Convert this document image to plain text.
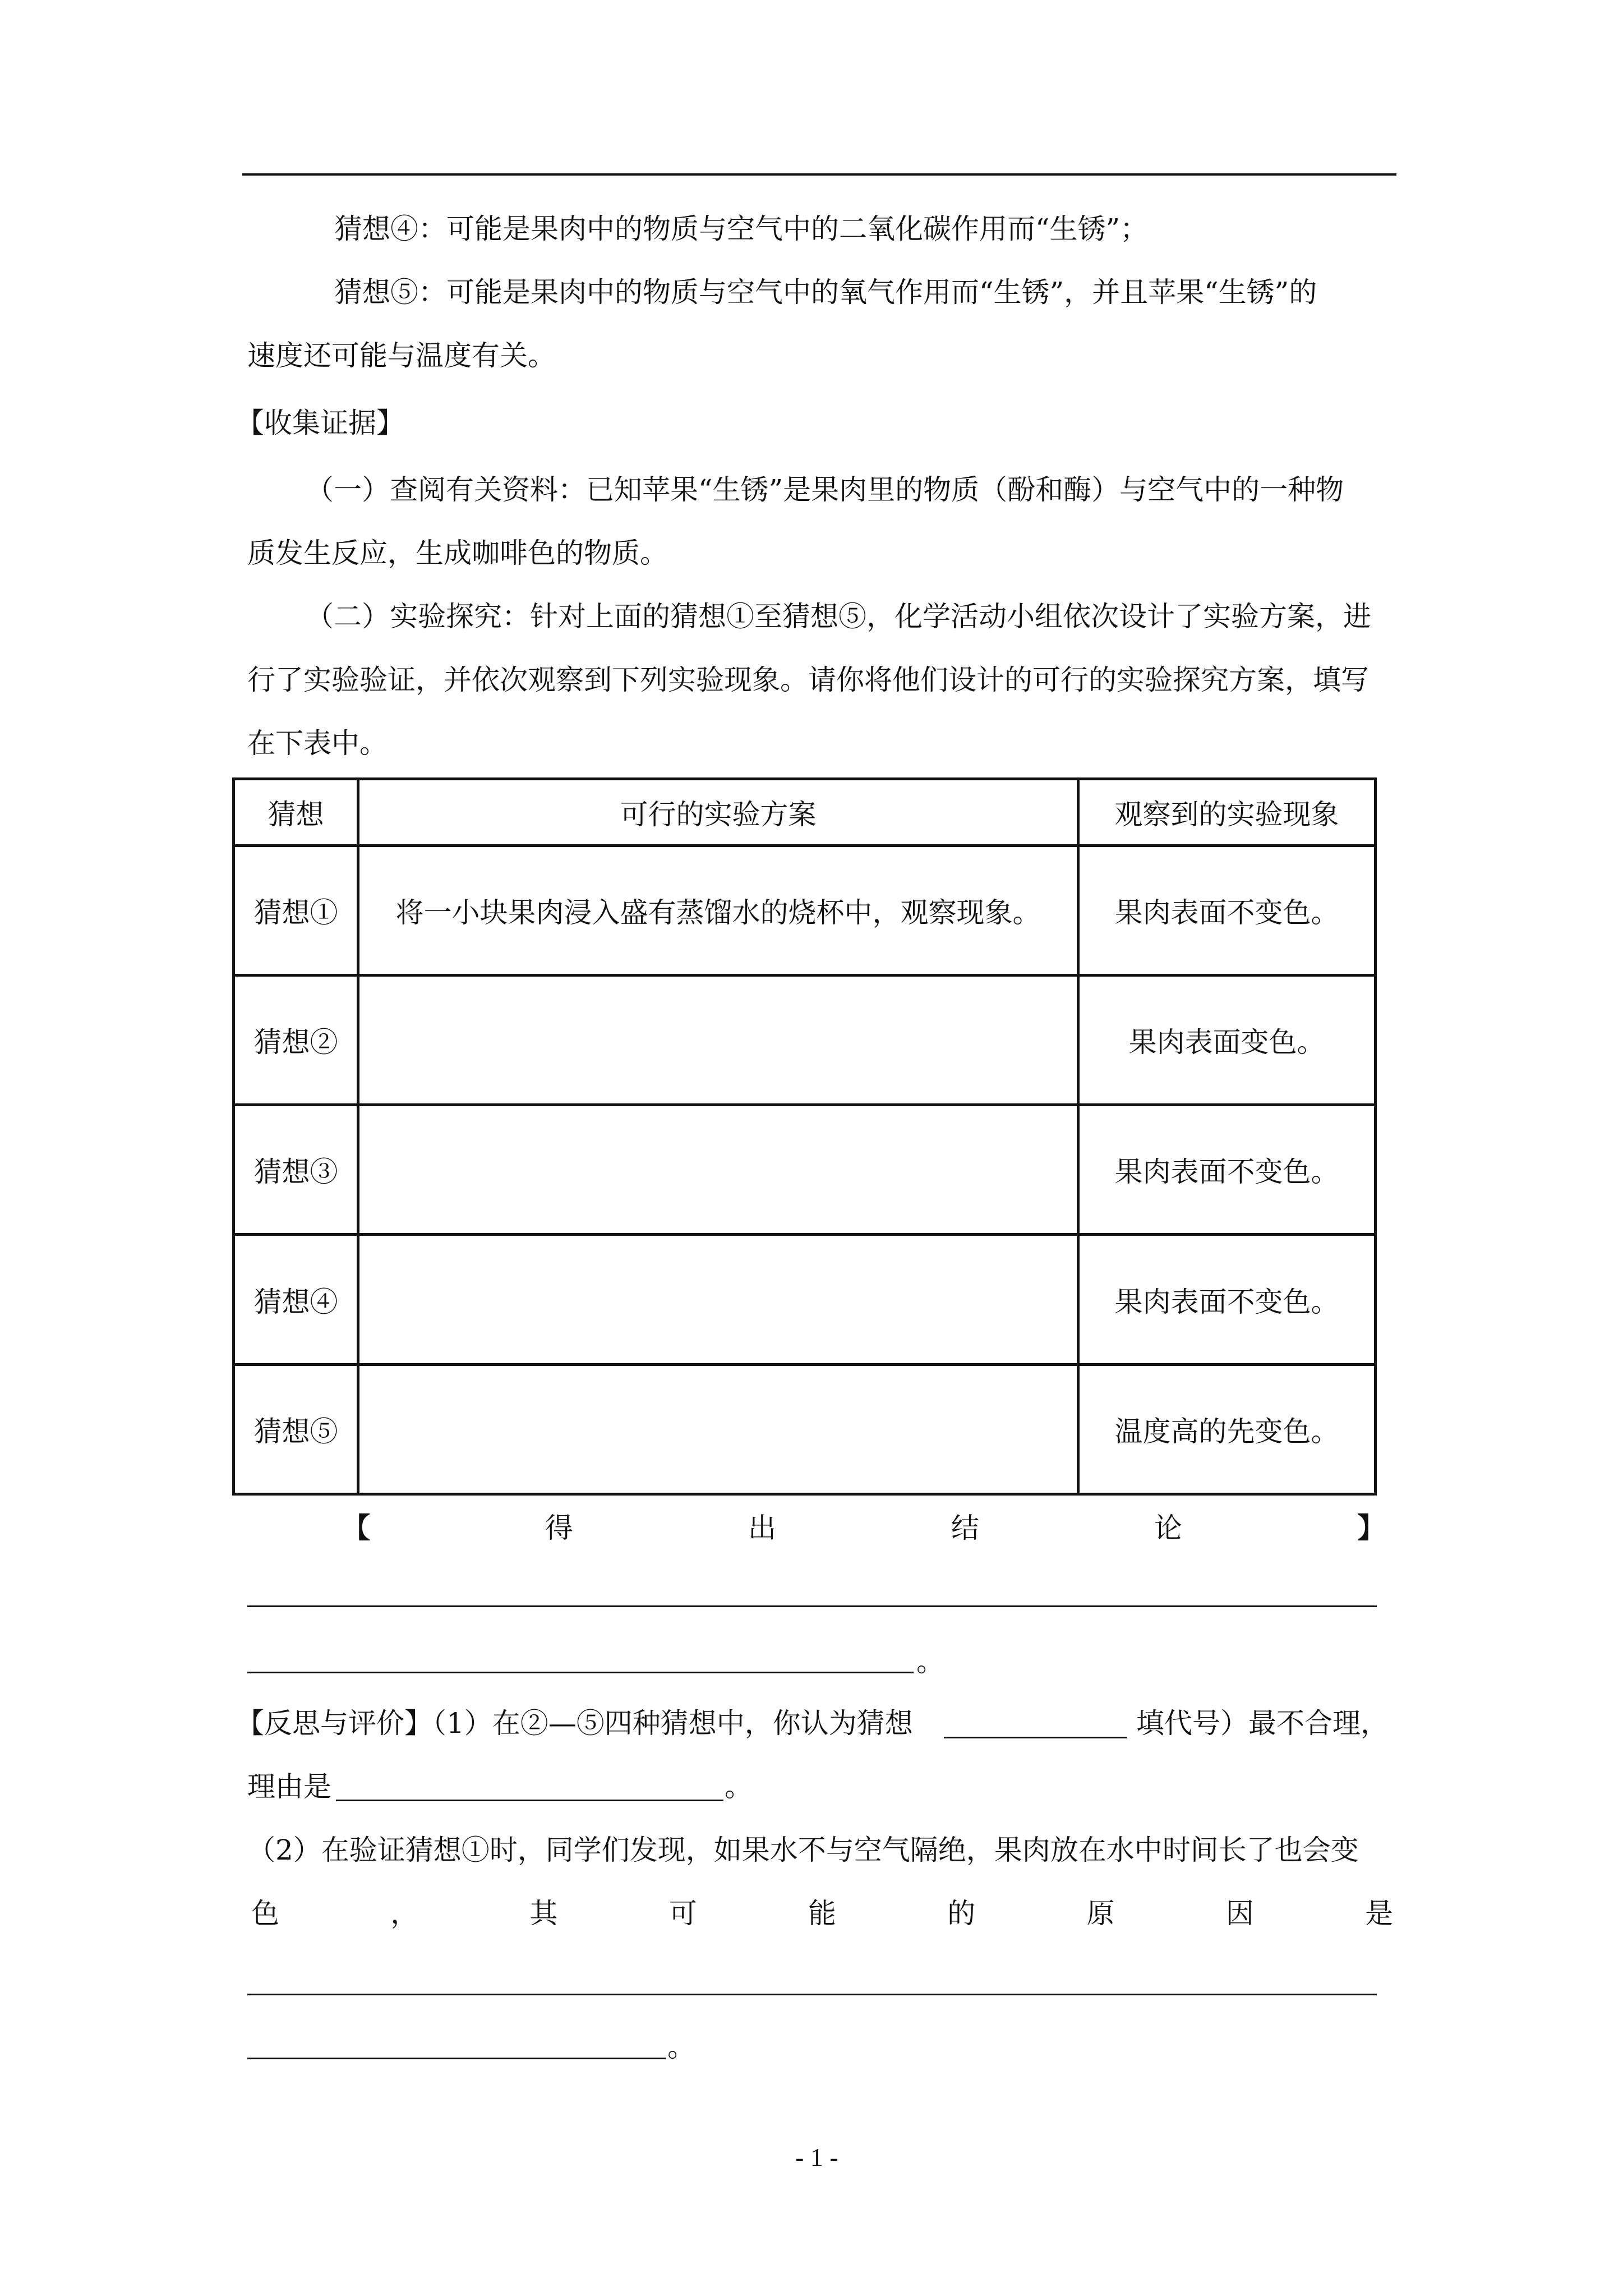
猜想④：可能是果肉中的物质与空气中的二氧化碳作用而“生锈”；
猜想⑤：可能是果肉中的物质与空气中的氧气作用而“生锈”，并且苹果“生锈”的
速度还可能与温度有关。
【收集证据】
（一）查阅有关资料：已知苹果“生锈”是果肉里的物质（酚和酶）与空气中的一种物
质发生反应，生成咖啡色的物质。
（二）实验探究：针对上面的猜想①至猜想⑤，化学活动小组依次设计了实验方案，进
行了实验验证，并依次观察到下列实验现象。请你将他们设计的可行的实验探究方案，填写
在下表中。
猜想	可行的实验方案	观察到的实验现象
猜想①	将一小块果肉浸入盛有蒸馏水的烧杯中，观察现象。	果肉表面不变色。
猜想②		果肉表面变色。
猜想③		果肉表面不变色。
猜想④		果肉表面不变色。
猜想⑤		温度高的先变色。
【	得	出	结	论	】
。
【反思与评价】（1）在②—⑤四种猜想中，你认为猜想	填代号）最不合理，
理由是	。
（2）在验证猜想①时，同学们发现，如果水不与空气隔绝，果肉放在水中时间长了也会变
色	，	其	可	能	的	原	因	是
。
- 1 -
